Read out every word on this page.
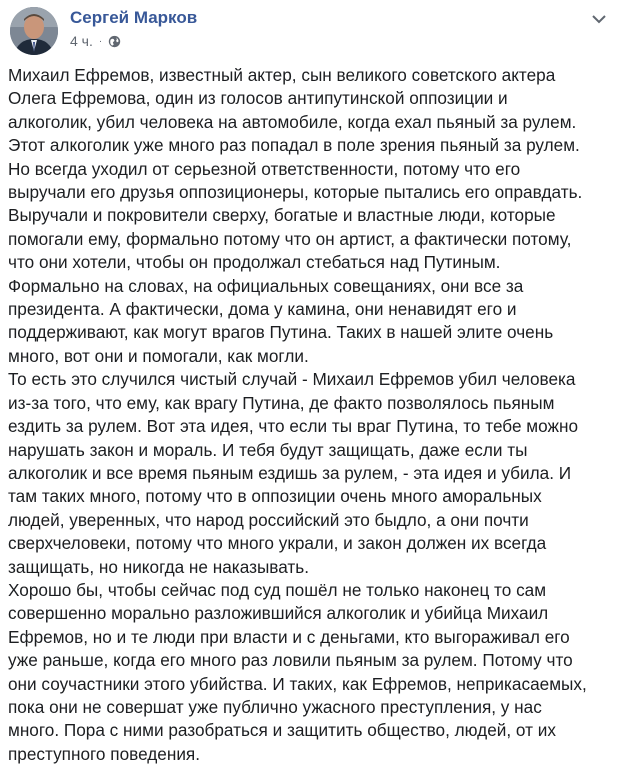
Сергей Марков
4 ч. ·

Михаил Ефремов, известный актер, сын великого советского актера

Олега Ефремова, один из голосов антипутинской оппозиции и

алкоголик, убил человека на автомобиле, когда ехал пьяный за рулем.

Этот алкоголик уже много раз попадал в поле зрения пьяный за рулем.

Но всегда уходил от серьезной ответственности, потому что его

выручали его друзья оппозиционеры, которые пытались его оправдать.

Выручали и покровители сверху, богатые и властные люди, которые

помогали ему, формально потому что он артист, а фактически потому,

что они хотели, чтобы он продолжал стебаться над Путиным.

Формально на словах, на официальных совещаниях, они все за

президента. А фактически, дома у камина, они ненавидят его и

поддерживают, как могут врагов Путина. Таких в нашей элите очень

много, вот они и помогали, как могли.

То есть это случился чистый случай - Михаил Ефремов убил человека

из-за того, что ему, как врагу Путина, де факто позволялось пьяным

ездить за рулем. Вот эта идея, что если ты враг Путина, то тебе можно

нарушать закон и мораль. И тебя будут защищать, даже если ты

алкоголик и все время пьяным ездишь за рулем, - эта идея и убила. И

там таких много, потому что в оппозиции очень много аморальных

людей, уверенных, что народ российский это быдло, а они почти

сверхчеловеки, потому что много украли, и закон должен их всегда

защищать, но никогда не наказывать.

Хорошо бы, чтобы сейчас под суд пошёл не только наконец то сам

совершенно морально разложившийся алкоголик и убийца Михаил

Ефремов, но и те люди при власти и с деньгами, кто выгораживал его

уже раньше, когда его много раз ловили пьяным за рулем. Потому что

они соучастники этого убийства. И таких, как Ефремов, неприкасаемых,

пока они не совершат уже публично ужасного преступления, у нас

много. Пора с ними разобраться и защитить общество, людей, от их

преступного поведения.
